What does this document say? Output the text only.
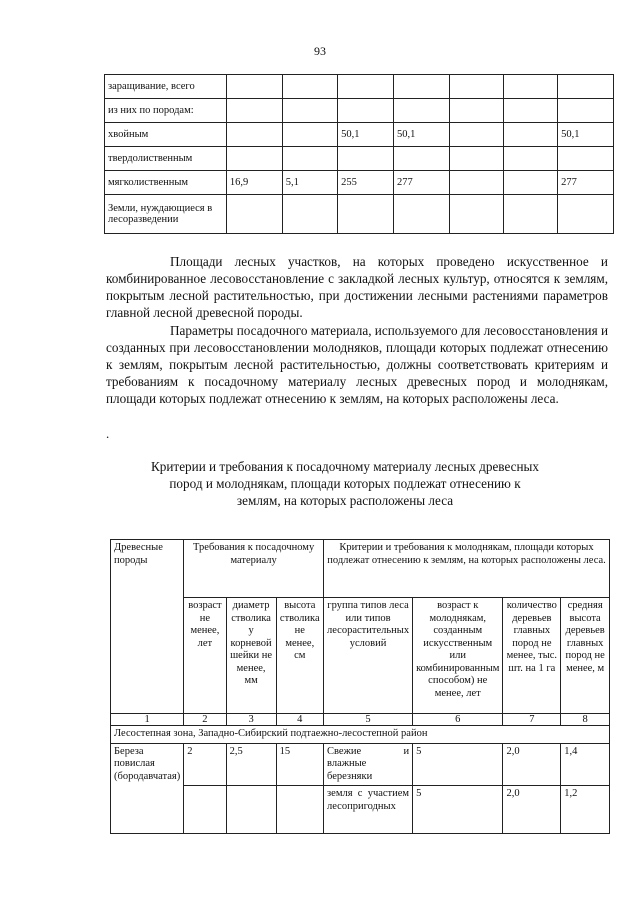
93
заращивание, всего							
из них по породам:							
хвойным			50,1	50,1			50,1
твердолиственным							
мягколиственным	16,9	5,1	255	277			277
Земли, нуждающиеся в лесоразведении							
Площади лесных участков, на которых проведено искусственное и комбинированное лесовосстановление с закладкой лесных культур, относятся к землям, покрытым лесной растительностью, при достижении лесными растениями параметров главной лесной древесной породы.
Параметры посадочного материала, используемого для лесовосстановления и созданных при лесовосстановлении молодняков, площади которых подлежат отнесению к землям, покрытым лесной растительностью, должны соответствовать критериям и требованиям к посадочному материалу лесных древесных пород и молоднякам, площади которых подлежат отнесению к землям, на которых расположены леса.
.
Критерии и требования к посадочному материалу лесных древесных пород и молоднякам, площади которых подлежат отнесению к землям, на которых расположены леса
Древесные породы	Требования к посадочному материалу			Критерии и требования к молоднякам, площади которых подлежат отнесению к землям, на которых расположены леса.			
	возраст не менее, лет	диаметр стволика у корневой шейки не менее, мм	высота стволика не менее, см	группа типов леса или типов лесорастительных условий	возраст к молоднякам, созданным искусственным или комбинированным способом) не менее, лет	количество деревьев главных пород не менее, тыс. шт. на 1 га	средняя высота деревьев главных пород не менее, м
1	2	3	4	5	6	7	8
Лесостепная зона, Западно-Сибирский подтаежно-лесостепной район							
Береза повислая (бородавчатая)	2	2,5	15	Свежие и влажные березняки	5	2,0	1,4
				земля с участием лесопригодных	5	2,0	1,2
